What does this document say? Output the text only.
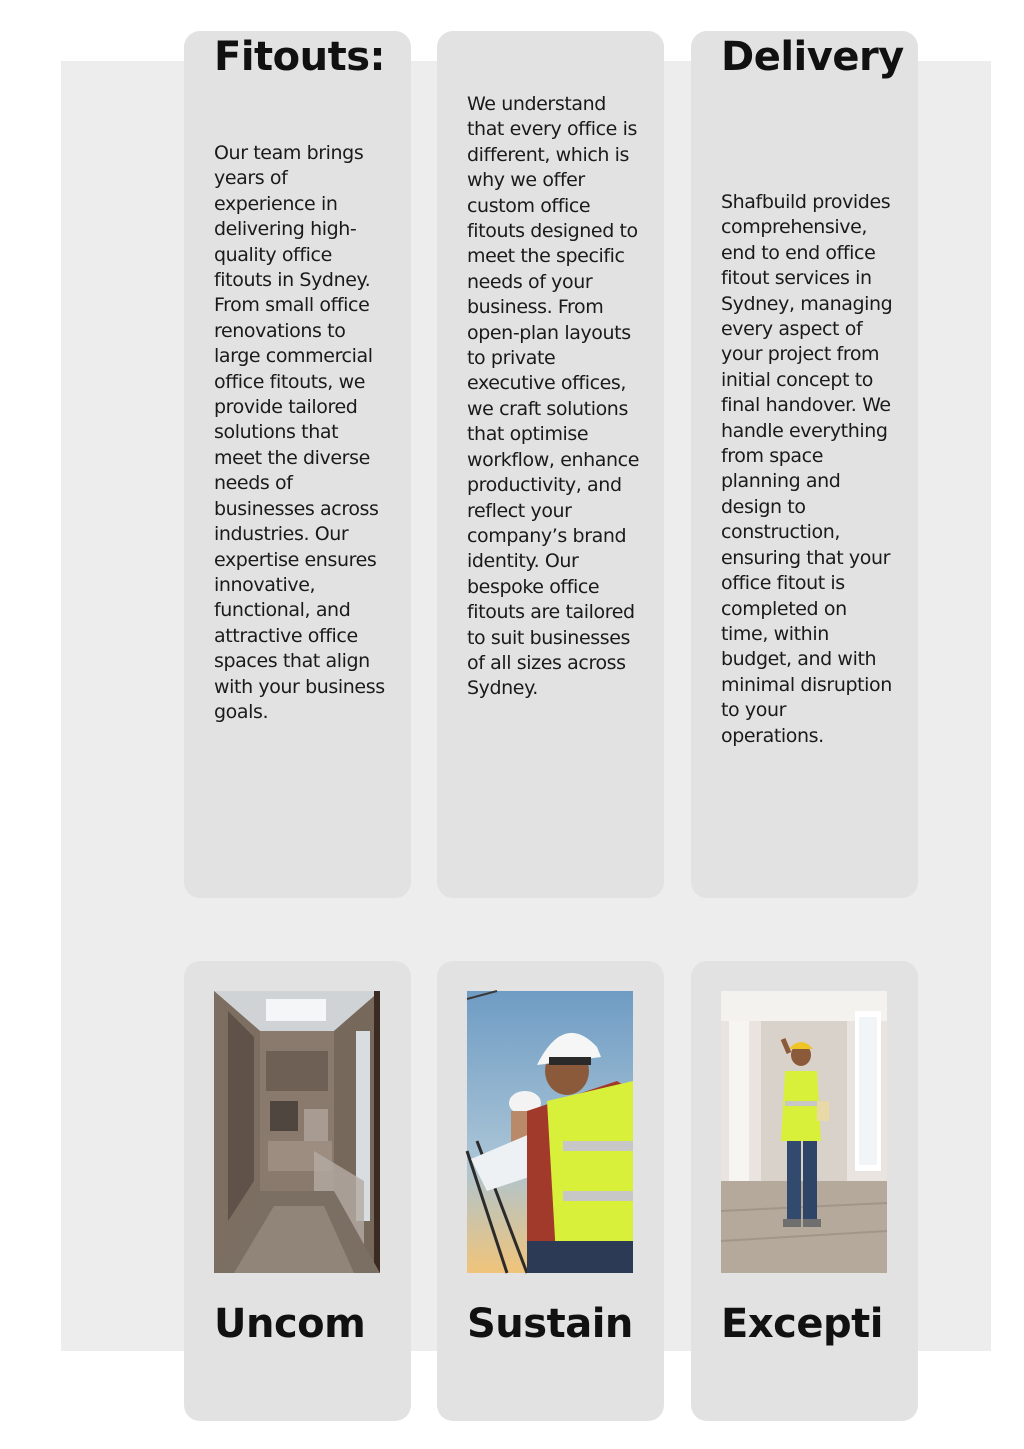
Fitouts:

Our team brings years of experience in delivering high-quality office fitouts in Sydney. From small office renovations to large commercial office fitouts, we provide tailored solutions that meet the diverse needs of businesses across industries. Our expertise ensures innovative, functional, and attractive office spaces that align with your business goals.

We understand that every office is different, which is why we offer custom office fitouts designed to meet the specific needs of your business. From open-plan layouts to private executive offices, we craft solutions that optimise workflow, enhance productivity, and reflect your company’s brand identity. Our bespoke office fitouts are tailored to suit businesses of all sizes across Sydney.

Delivery

Shafbuild provides comprehensive, end to end office fitout services in Sydney, managing every aspect of your project from initial concept to final handover. We handle everything from space planning and design to construction, ensuring that your office fitout is completed on time, within budget, and with minimal disruption to your operations.

Uncom	Sustain Excepti
